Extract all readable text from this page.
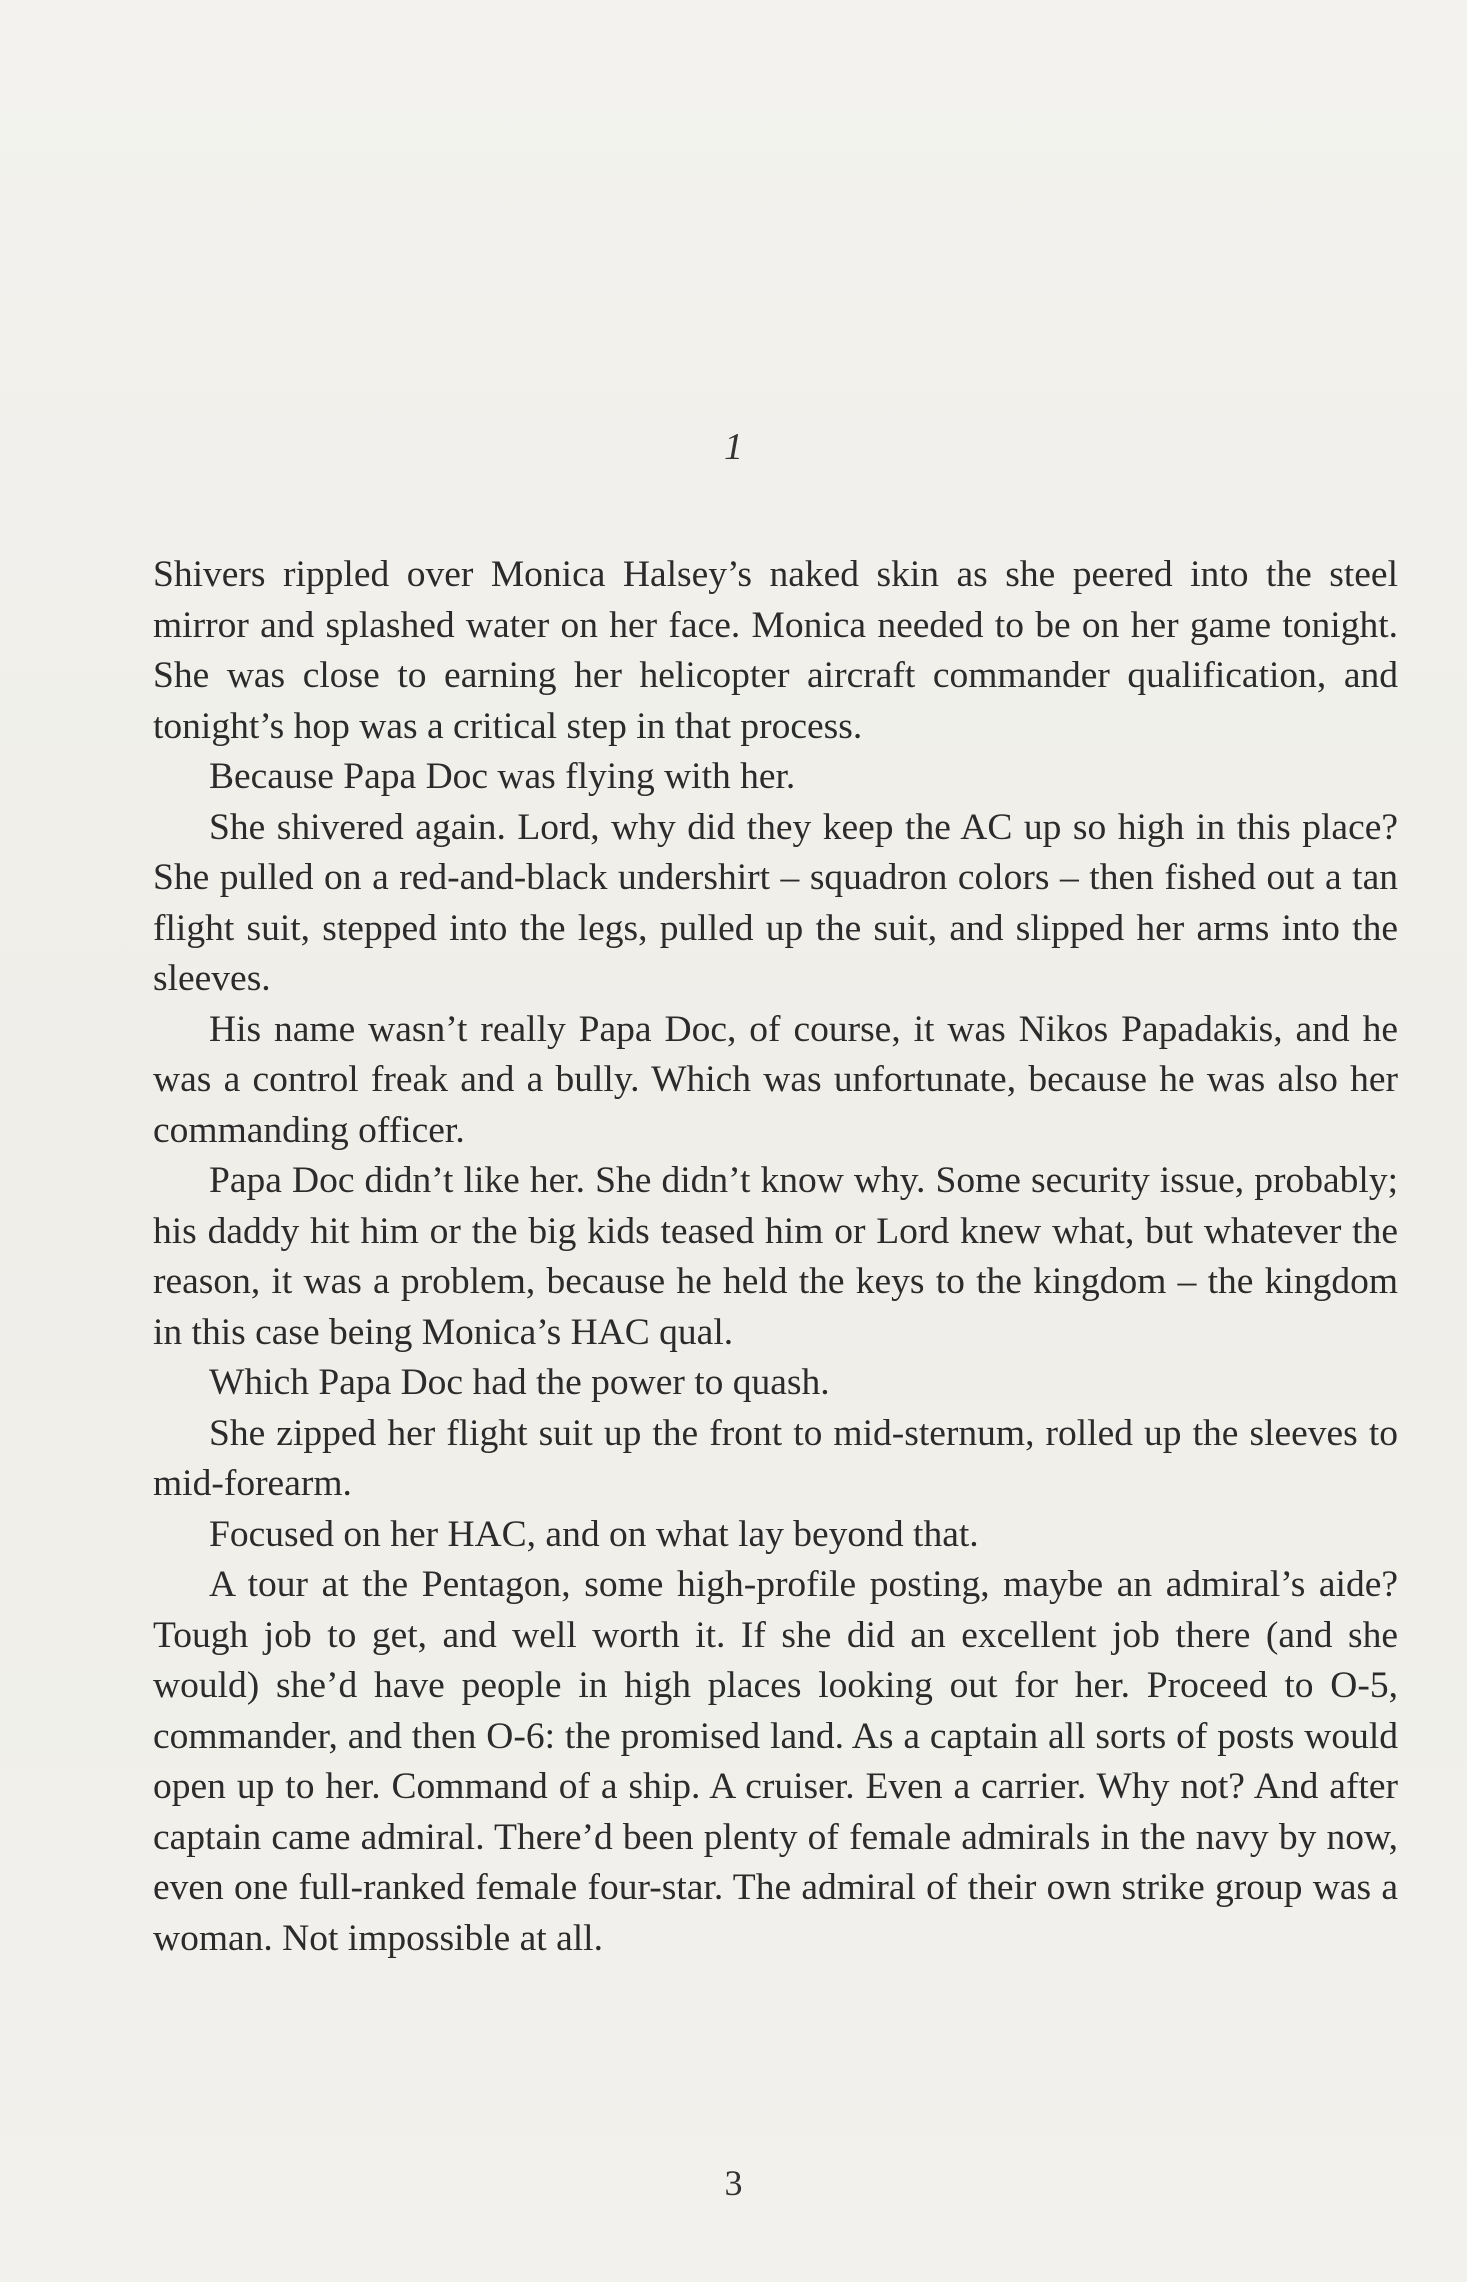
1

Shivers rippled over Monica Halsey’s naked skin as she peered into the steel mirror and splashed water on her face. Monica needed to be on her game tonight. She was close to earning her helicopter aircraft commander qualification, and tonight’s hop was a critical step in that process.

Because Papa Doc was flying with her.

She shivered again. Lord, why did they keep the AC up so high in this place? She pulled on a red-and-black undershirt – squadron colors – then fished out a tan flight suit, stepped into the legs, pulled up the suit, and slipped her arms into the sleeves.

His name wasn’t really Papa Doc, of course, it was Nikos Papadakis, and he was a control freak and a bully. Which was unfortunate, because he was also her commanding officer.

Papa Doc didn’t like her. She didn’t know why. Some security issue, probably; his daddy hit him or the big kids teased him or Lord knew what, but whatever the reason, it was a problem, because he held the keys to the kingdom – the kingdom in this case being Monica’s HAC qual.

Which Papa Doc had the power to quash.

She zipped her flight suit up the front to mid-sternum, rolled up the sleeves to mid-forearm.

Focused on her HAC, and on what lay beyond that.

A tour at the Pentagon, some high-profile posting, maybe an admiral’s aide? Tough job to get, and well worth it. If she did an excellent job there (and she would) she’d have people in high places looking out for her. Proceed to O-5, commander, and then O-6: the promised land. As a captain all sorts of posts would open up to her. Command of a ship. A cruiser. Even a carrier. Why not? And after captain came admiral. There’d been plenty of female admirals in the navy by now, even one full-ranked female four-star. The admiral of their own strike group was a woman. Not impossible at all.

3
